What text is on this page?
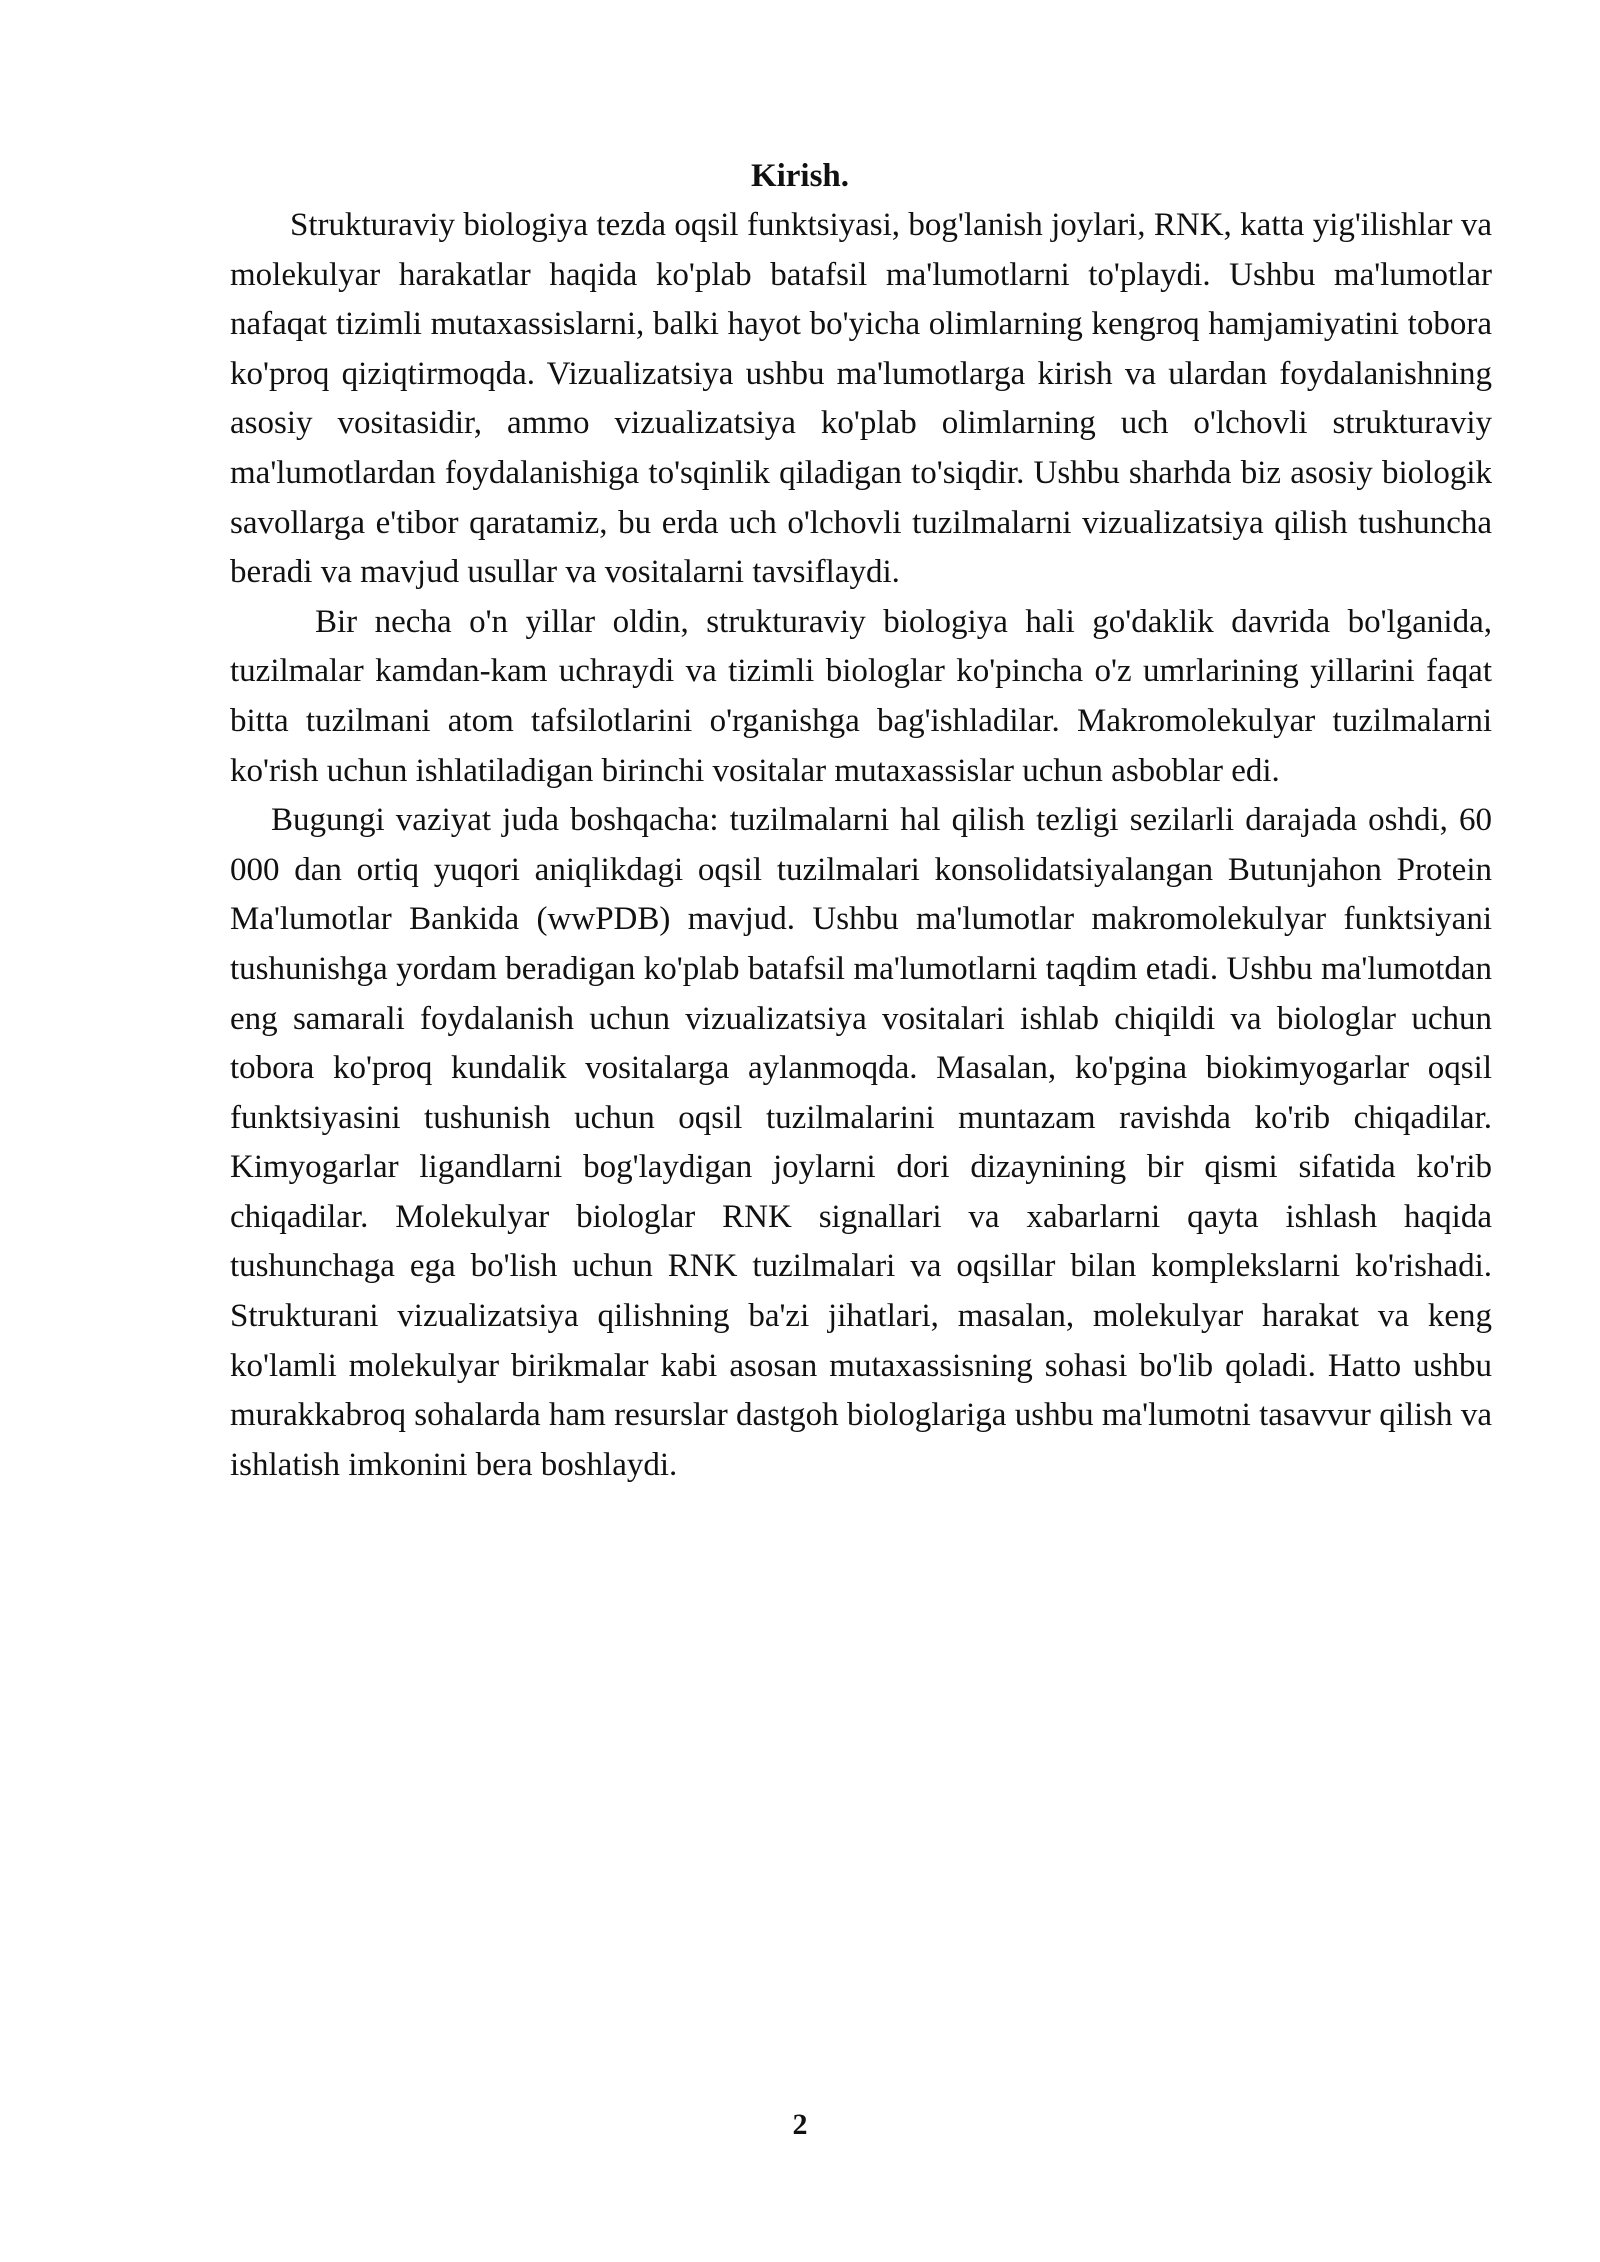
Kirish.

Strukturaviy biologiya tezda oqsil funktsiyasi, bog'lanish joylari, RNK, katta yig'ilishlar va molekulyar harakatlar haqida ko'plab batafsil ma'lumotlarni to'playdi. Ushbu ma'lumotlar nafaqat tizimli mutaxassislarni, balki hayot bo'yicha olimlarning kengroq hamjamiyatini tobora ko'proq qiziqtirmoqda. Vizualizatsiya ushbu ma'lumotlarga kirish va ulardan foydalanishning asosiy vositasidir, ammo vizualizatsiya ko'plab olimlarning uch o'lchovli strukturaviy ma'lumotlardan foydalanishiga to'sqinlik qiladigan to'siqdir. Ushbu sharhda biz asosiy biologik savollarga e'tibor qaratamiz, bu erda uch o'lchovli tuzilmalarni vizualizatsiya qilish tushuncha beradi va mavjud usullar va vositalarni tavsiflaydi.

Bir necha o'n yillar oldin, strukturaviy biologiya hali go'daklik davrida bo'lganida, tuzilmalar kamdan-kam uchraydi va tizimli biologlar ko'pincha o'z umrlarining yillarini faqat bitta tuzilmani atom tafsilotlarini o'rganishga bag'ishladilar. Makromolekulyar tuzilmalarni ko'rish uchun ishlatiladigan birinchi vositalar mutaxassislar uchun asboblar edi.

Bugungi vaziyat juda boshqacha: tuzilmalarni hal qilish tezligi sezilarli darajada oshdi, 60 000 dan ortiq yuqori aniqlikdagi oqsil tuzilmalari konsolidatsiyalangan Butunjahon Protein Ma'lumotlar Bankida (wwPDB) mavjud. Ushbu ma'lumotlar makromolekulyar funktsiyani tushunishga yordam beradigan ko'plab batafsil ma'lumotlarni taqdim etadi. Ushbu ma'lumotdan eng samarali foydalanish uchun vizualizatsiya vositalari ishlab chiqildi va biologlar uchun tobora ko'proq kundalik vositalarga aylanmoqda. Masalan, ko'pgina biokimyogarlar oqsil funktsiyasini tushunish uchun oqsil tuzilmalarini muntazam ravishda ko'rib chiqadilar. Kimyogarlar ligandlarni bog'laydigan joylarni dori dizaynining bir qismi sifatida ko'rib chiqadilar. Molekulyar biologlar RNK signallari va xabarlarni qayta ishlash haqida tushunchaga ega bo'lish uchun RNK tuzilmalari va oqsillar bilan komplekslarni ko'rishadi. Strukturani vizualizatsiya qilishning ba'zi jihatlari, masalan, molekulyar harakat va keng ko'lamli molekulyar birikmalar kabi asosan mutaxassisning sohasi bo'lib qoladi. Hatto ushbu murakkabroq sohalarda ham resurslar dastgoh biologlariga ushbu ma'lumotni tasavvur qilish va ishlatish imkonini bera boshlaydi.

2
